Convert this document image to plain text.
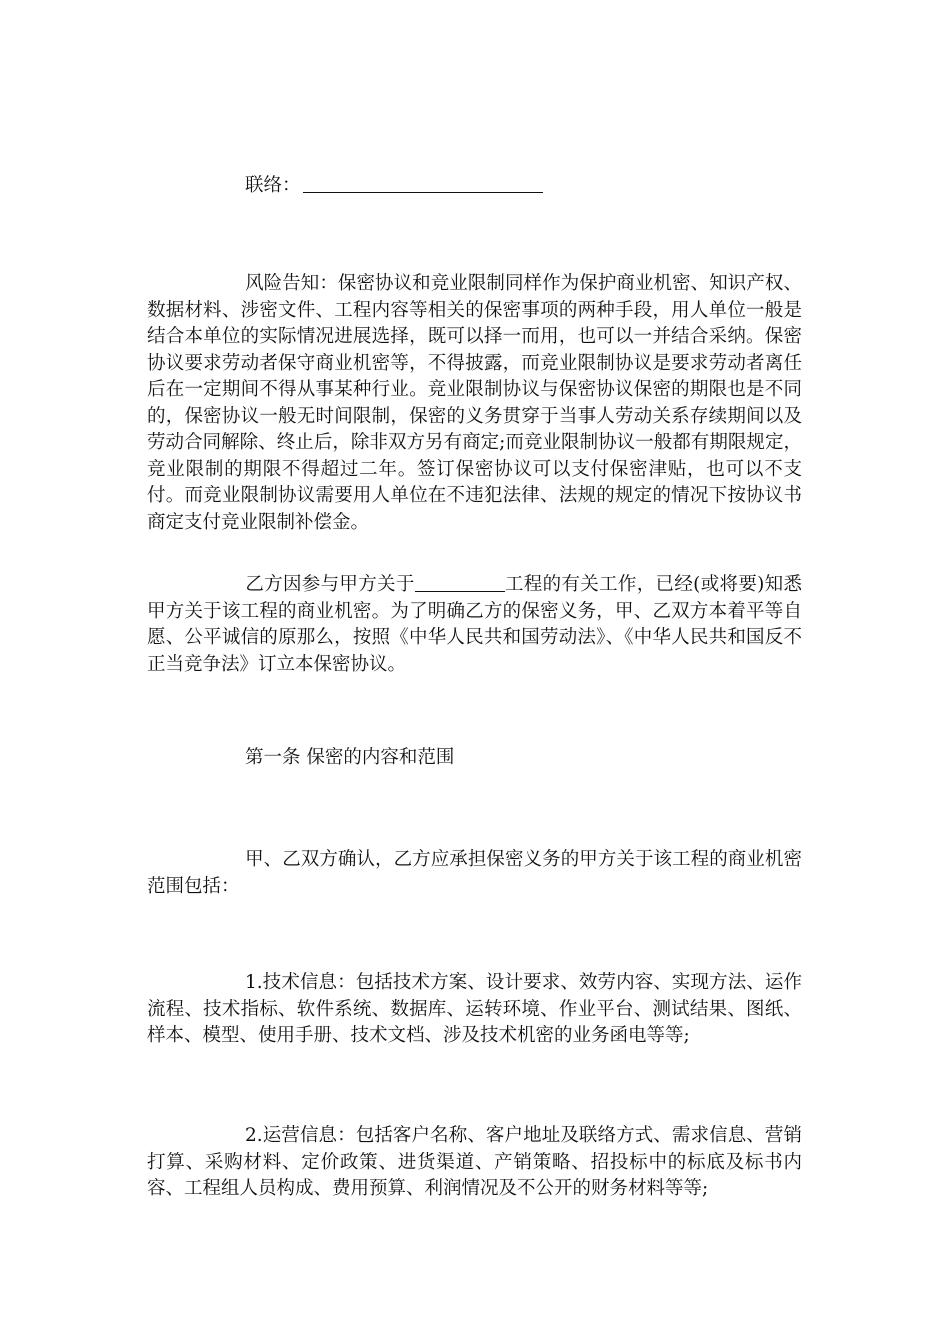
联络：

风险告知：保密协议和竞业限制同样作为保护商业机密、知识产权、数据材料、涉密文件、工程内容等相关的保密事项的两种手段，用人单位一般是结合本单位的实际情况进展选择，既可以择一而用，也可以一并结合采纳。保密协议要求劳动者保守商业机密等，不得披露，而竞业限制协议是要求劳动者离任后在一定期间不得从事某种行业。竞业限制协议与保密协议保密的期限也是不同的，保密协议一般无时间限制，保密的义务贯穿于当事人劳动关系存续期间以及劳动合同解除、终止后，除非双方另有商定;而竞业限制协议一般都有期限规定，竞业限制的期限不得超过二年。签订保密协议可以支付保密津贴，也可以不支付。而竞业限制协议需要用人单位在不违犯法律、法规的规定的情况下按协议书商定支付竞业限制补偿金。

乙方因参与甲方关于	工程的有关工作，已经(或将要)知悉甲方关于该工程的商业机密。为了明确乙方的保密义务，甲、乙双方本着平等自愿、公平诚信的原那么，按照《中华人民共和国劳动法》、《中华人民共和国反不正当竞争法》订立本保密协议。

第一条 保密的内容和范围

甲、乙双方确认，乙方应承担保密义务的甲方关于该工程的商业机密范围包括：

1.技术信息：包括技术方案、设计要求、效劳内容、实现方法、运作流程、技术指标、软件系统、数据库、运转环境、作业平台、测试结果、图纸、样本、模型、使用手册、技术文档、涉及技术机密的业务函电等等;

2.运营信息：包括客户名称、客户地址及联络方式、需求信息、营销打算、采购材料、定价政策、进货渠道、产销策略、招投标中的标底及标书内容、工程组人员构成、费用预算、利润情况及不公开的财务材料等等;
